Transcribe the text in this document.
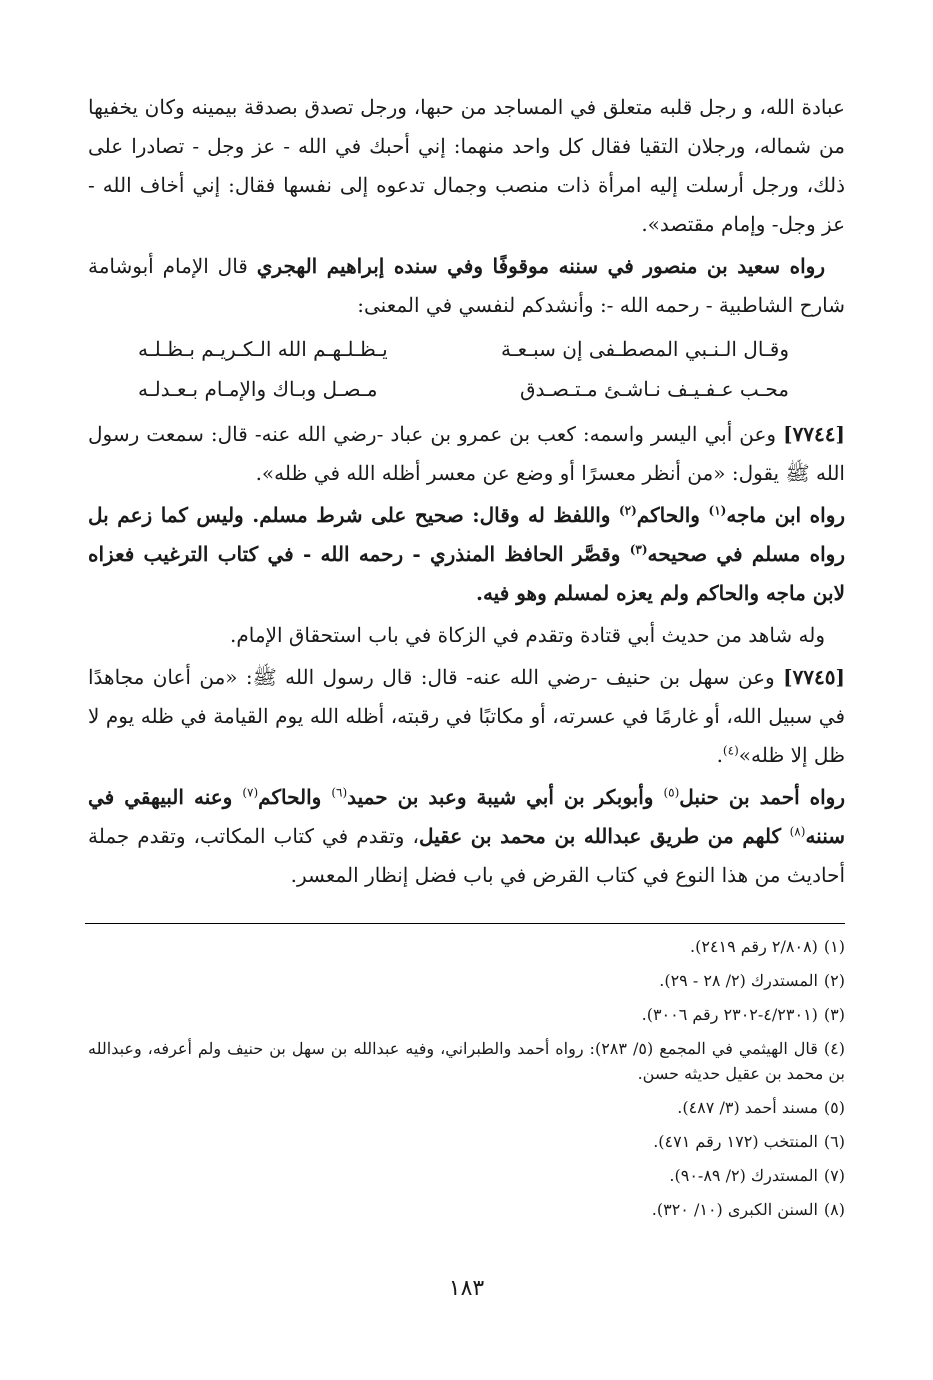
عبادة الله، و رجل قلبه متعلق في المساجد من حبها، ورجل تصدق بصدقة بيمينه وكان يخفيها من شماله، ورجلان التقيا فقال كل واحد منهما: إني أحبك في الله - عز وجل - تصادرا على ذلك، ورجل أرسلت إليه امرأة ذات منصب وجمال تدعوه إلى نفسها فقال: إني أخاف الله - عز وجل- وإمام مقتصد».

رواه سعيد بن منصور في سننه موقوفًا وفي سنده إبراهيم الهجري قال الإمام أبوشامة شارح الشاطبية - رحمه الله -: وأنشدكم لنفسي في المعنى:

وقـال الـنـبي المصطـفى إن سبـعـة
يـظـلـهـم الله الـكـريـم بـظـلـه
محـب عـفـيـف نـاشـئ مـتـصـدق
مـصـل وبـاك والإمـام بـعـدلـه

[٧٧٤٤] وعن أبي اليسر واسمه: كعب بن عمرو بن عباد -رضي الله عنه- قال: سمعت رسول الله ﷺ يقول: «من أنظر معسرًا أو وضع عن معسر أظله الله في ظله».

رواه ابن ماجه$^{(١)}$ والحاكم$^{(٢)}$ واللفظ له وقال: صحيح على شرط مسلم. وليس كما زعم بل رواه مسلم في صحيحه$^{(٣)}$ وقصَّر الحافظ المنذري - رحمه الله - في كتاب الترغيب فعزاه لابن ماجه والحاكم ولم يعزه لمسلم وهو فيه.

وله شاهد من حديث أبي قتادة وتقدم في الزكاة في باب استحقاق الإمام.

[٧٧٤٥] وعن سهل بن حنيف -رضي الله عنه- قال: قال رسول الله ﷺ: «من أعان مجاهدًا في سبيل الله، أو غارمًا في عسرته، أو مكاتبًا في رقبته، أظله الله يوم القيامة في ظله يوم لا ظل إلا ظله»$^{(٤)}$.

رواه أحمد بن حنبل$^{(٥)}$ وأبوبكر بن أبي شيبة وعبد بن حميد$^{(٦)}$ والحاكم$^{(٧)}$ وعنه البيهقي في سننه$^{(٨)}$ كلهم من طريق عبدالله بن محمد بن عقيل، وتقدم في كتاب المكاتب، وتقدم جملة أحاديث من هذا النوع في كتاب القرض في باب فضل إنظار المعسر.

(١)(٢/٨٠٨ رقم ٢٤١٩).

(٢)المستدرك (٢/ ٢٨ - ٢٩).

(٣)(٤/٢٣٠١-٢٣٠٢ رقم ٣٠٠٦).

(٤)قال الهيثمي في المجمع (٥/ ٢٨٣): رواه أحمد والطبراني، وفيه عبدالله بن سهل بن حنيف ولم أعرفه، وعبدالله بن محمد بن عقيل حديثه حسن.

(٥)مسند أحمد (٣/ ٤٨٧).

(٦)المنتخب (١٧٢ رقم ٤٧١).

(٧)المستدرك (٢/ ٨٩-٩٠).

(٨)السنن الكبرى (١٠/ ٣٢٠).

١٨٣
